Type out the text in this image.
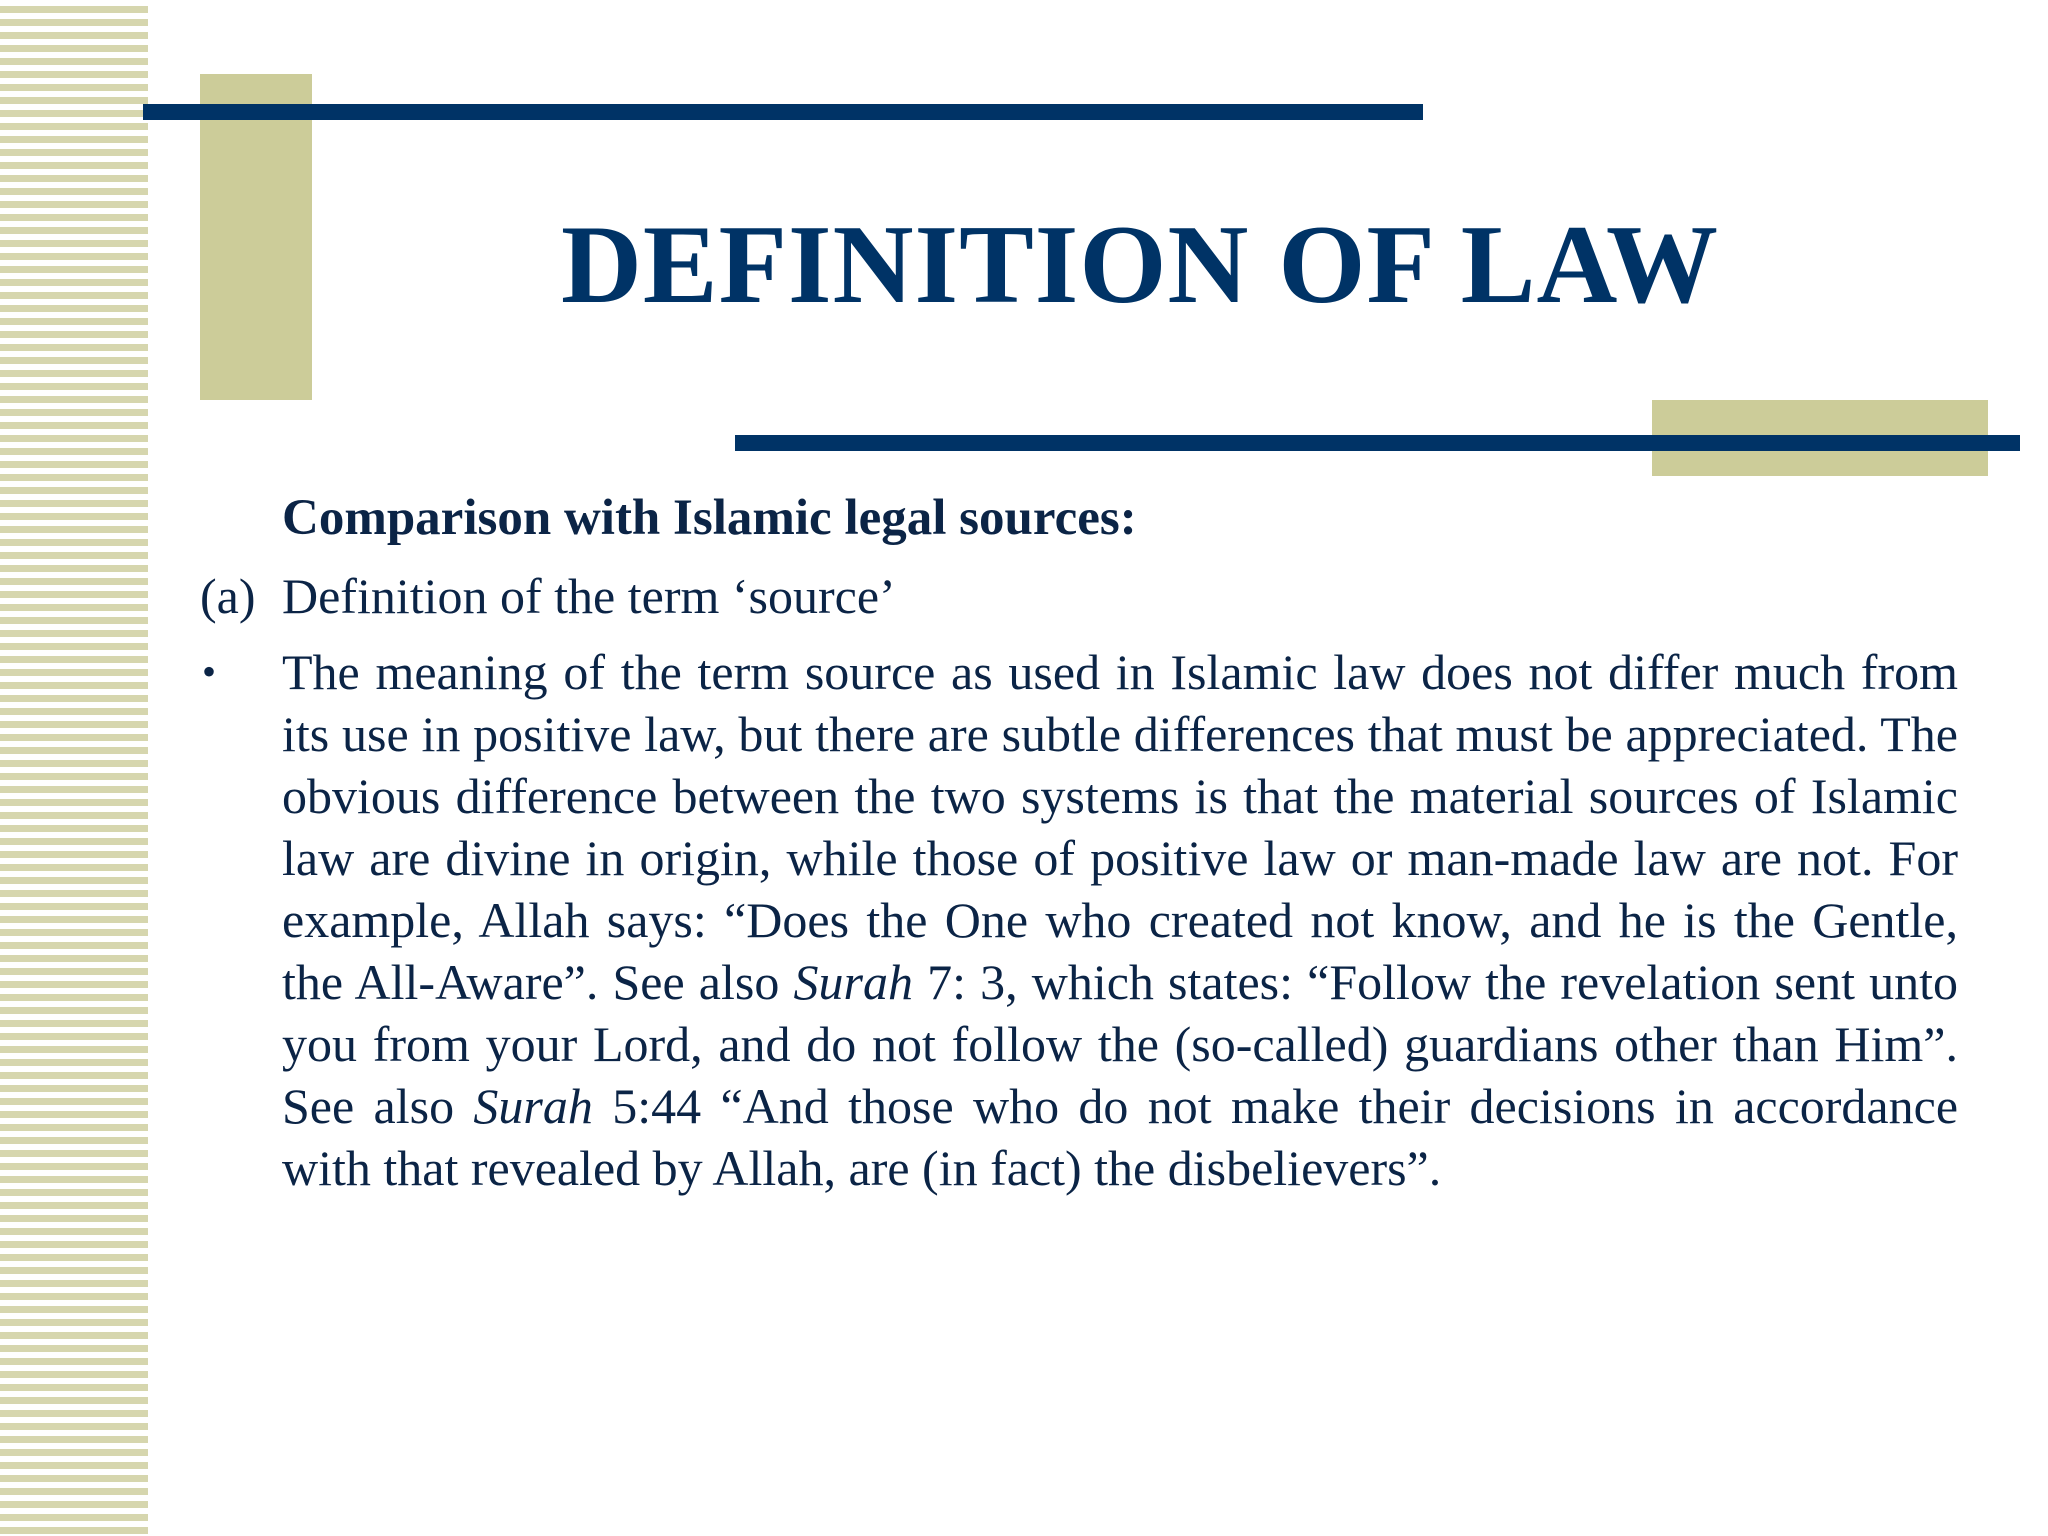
DEFINITION OF LAW
Comparison with Islamic legal sources:
(a) Definition of the term ‘source’
•	The meaning of the term source as used in Islamic law does not differ much from its use in positive law, but there are subtle differences that must be appreciated. The obvious difference between the two systems is that the material sources of Islamic law are divine in origin, while those of positive law or man-made law are not. For example, Allah says: “Does the One who created not know, and he is the Gentle, the All-Aware”. See also Surah 7: 3, which states: “Follow the revelation sent unto you from your Lord, and do not follow the (so-called) guardians other than Him”. See also Surah 5:44 “And those who do not make their decisions in accordance with that revealed by Allah, are (in fact) the disbelievers”.
